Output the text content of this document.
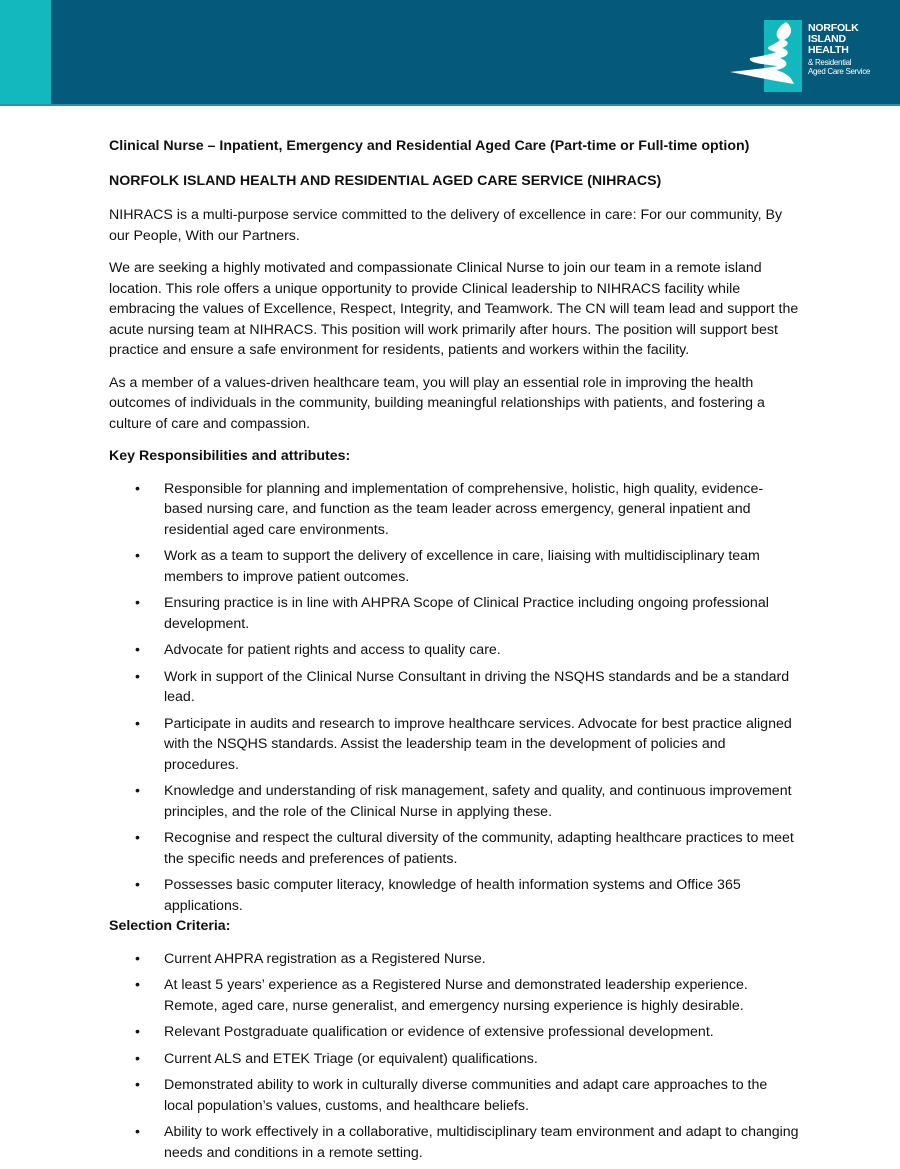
NORFOLK
ISLAND
HEALTH
& Residential
Aged Care Service
Clinical Nurse – Inpatient, Emergency and Residential Aged Care (Part-time or Full-time option)
NORFOLK ISLAND HEALTH AND RESIDENTIAL AGED CARE SERVICE (NIHRACS)

NIHRACS is a multi-purpose service committed to the delivery of excellence in care: For our community, By our People, With our Partners.

We are seeking a highly motivated and compassionate Clinical Nurse to join our team in a remote island location. This role offers a unique opportunity to provide Clinical leadership to NIHRACS facility while embracing the values of Excellence, Respect, Integrity, and Teamwork. The CN will team lead and support the acute nursing team at NIHRACS. This position will work primarily after hours. The position will support best practice and ensure a safe environment for residents, patients and workers within the facility.

As a member of a values-driven healthcare team, you will play an essential role in improving the health outcomes of individuals in the community, building meaningful relationships with patients, and fostering a culture of care and compassion.

Key Responsibilities and attributes:
• Responsible for planning and implementation of comprehensive, holistic, high quality, evidence-based nursing care, and function as the team leader across emergency, general inpatient and residential aged care environments.
• Work as a team to support the delivery of excellence in care, liaising with multidisciplinary team members to improve patient outcomes.
• Ensuring practice is in line with AHPRA Scope of Clinical Practice including ongoing professional development.
• Advocate for patient rights and access to quality care.
• Work in support of the Clinical Nurse Consultant in driving the NSQHS standards and be a standard lead.
• Participate in audits and research to improve healthcare services. Advocate for best practice aligned with the NSQHS standards. Assist the leadership team in the development of policies and procedures.
• Knowledge and understanding of risk management, safety and quality, and continuous improvement principles, and the role of the Clinical Nurse in applying these.
• Recognise and respect the cultural diversity of the community, adapting healthcare practices to meet the specific needs and preferences of patients.
• Possesses basic computer literacy, knowledge of health information systems and Office 365 applications.
Selection Criteria:
• Current AHPRA registration as a Registered Nurse.
• At least 5 years’ experience as a Registered Nurse and demonstrated leadership experience. Remote, aged care, nurse generalist, and emergency nursing experience is highly desirable.
• Relevant Postgraduate qualification or evidence of extensive professional development.
• Current ALS and ETEK Triage (or equivalent) qualifications.
• Demonstrated ability to work in culturally diverse communities and adapt care approaches to the local population’s values, customs, and healthcare beliefs.
• Ability to work effectively in a collaborative, multidisciplinary team environment and adapt to changing needs and conditions in a remote setting.
